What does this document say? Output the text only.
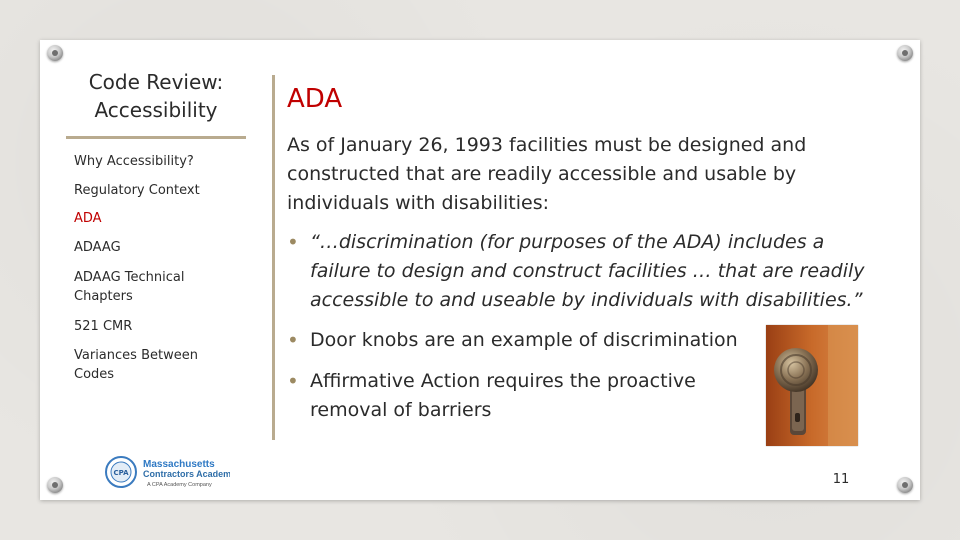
Code Review:
Accessibility
Why Accessibility?
Regulatory Context
ADA
ADAAG
ADAAG Technical Chapters
521 CMR
Variances Between Codes
ADA
As of January 26, 1993 facilities must be designed and constructed that are readily accessible and usable by individuals with disabilities:
• “…discrimination (for purposes of the ADA) includes a failure to design and construct facilities … that are readily accessible to and useable by individuals with disabilities.”
• Door knobs are an example of discrimination
• Affirmative Action requires the proactive removal of barriers
CPA
Massachusetts
Contractors Academy
A CPA Academy Company	11
